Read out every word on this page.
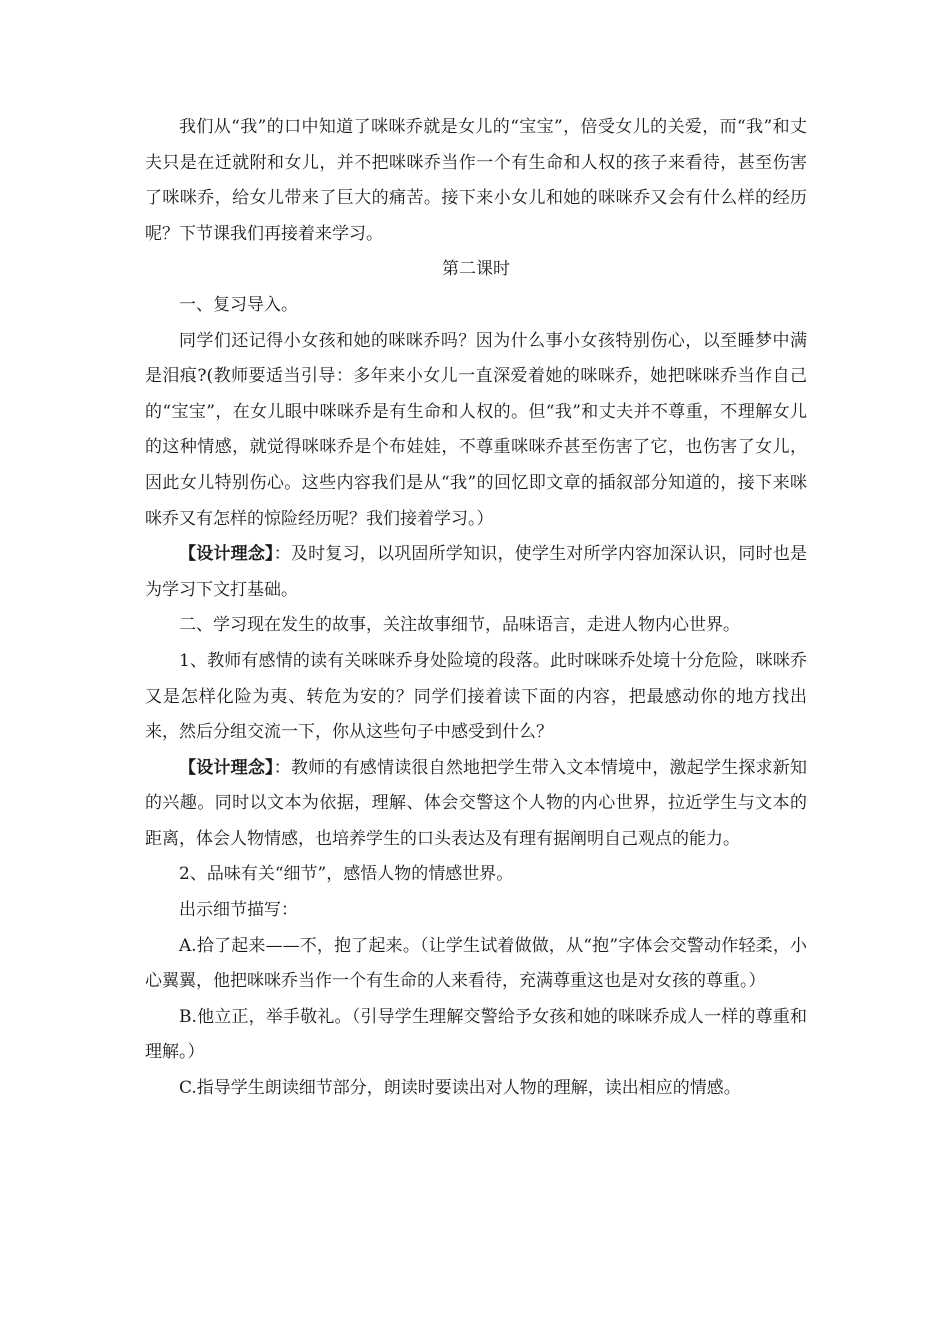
我们从“我”的口中知道了咪咪乔就是女儿的“宝宝”，倍受女儿的关爱，而“我”和丈夫只是在迁就附和女儿，并不把咪咪乔当作一个有生命和人权的孩子来看待，甚至伤害了咪咪乔，给女儿带来了巨大的痛苦。接下来小女儿和她的咪咪乔又会有什么样的经历呢？下节课我们再接着来学习。

第二课时

一、复习导入。

同学们还记得小女孩和她的咪咪乔吗？因为什么事小女孩特别伤心，以至睡梦中满是泪痕?(教师要适当引导：多年来小女儿一直深爱着她的咪咪乔，她把咪咪乔当作自己的“宝宝”，在女儿眼中咪咪乔是有生命和人权的。但“我”和丈夫并不尊重，不理解女儿的这种情感，就觉得咪咪乔是个布娃娃，不尊重咪咪乔甚至伤害了它，也伤害了女儿，因此女儿特别伤心。这些内容我们是从“我”的回忆即文章的插叙部分知道的，接下来咪咪乔又有怎样的惊险经历呢？我们接着学习。）

【设计理念】：及时复习，以巩固所学知识，使学生对所学内容加深认识，同时也是为学习下文打基础。

二、学习现在发生的故事，关注故事细节，品味语言，走进人物内心世界。

1、教师有感情的读有关咪咪乔身处险境的段落。此时咪咪乔处境十分危险，咪咪乔又是怎样化险为夷、转危为安的？同学们接着读下面的内容，把最感动你的地方找出来，然后分组交流一下，你从这些句子中感受到什么？

【设计理念】：教师的有感情读很自然地把学生带入文本情境中，激起学生探求新知的兴趣。同时以文本为依据，理解、体会交警这个人物的内心世界，拉近学生与文本的距离，体会人物情感，也培养学生的口头表达及有理有据阐明自己观点的能力。

2、品味有关“细节”，感悟人物的情感世界。

出示细节描写：

A.拾了起来——不，抱了起来。（让学生试着做做，从“抱”字体会交警动作轻柔，小心翼翼，他把咪咪乔当作一个有生命的人来看待，充满尊重这也是对女孩的尊重。）

B.他立正，举手敬礼。（引导学生理解交警给予女孩和她的咪咪乔成人一样的尊重和理解。）

C.指导学生朗读细节部分，朗读时要读出对人物的理解，读出相应的情感。
